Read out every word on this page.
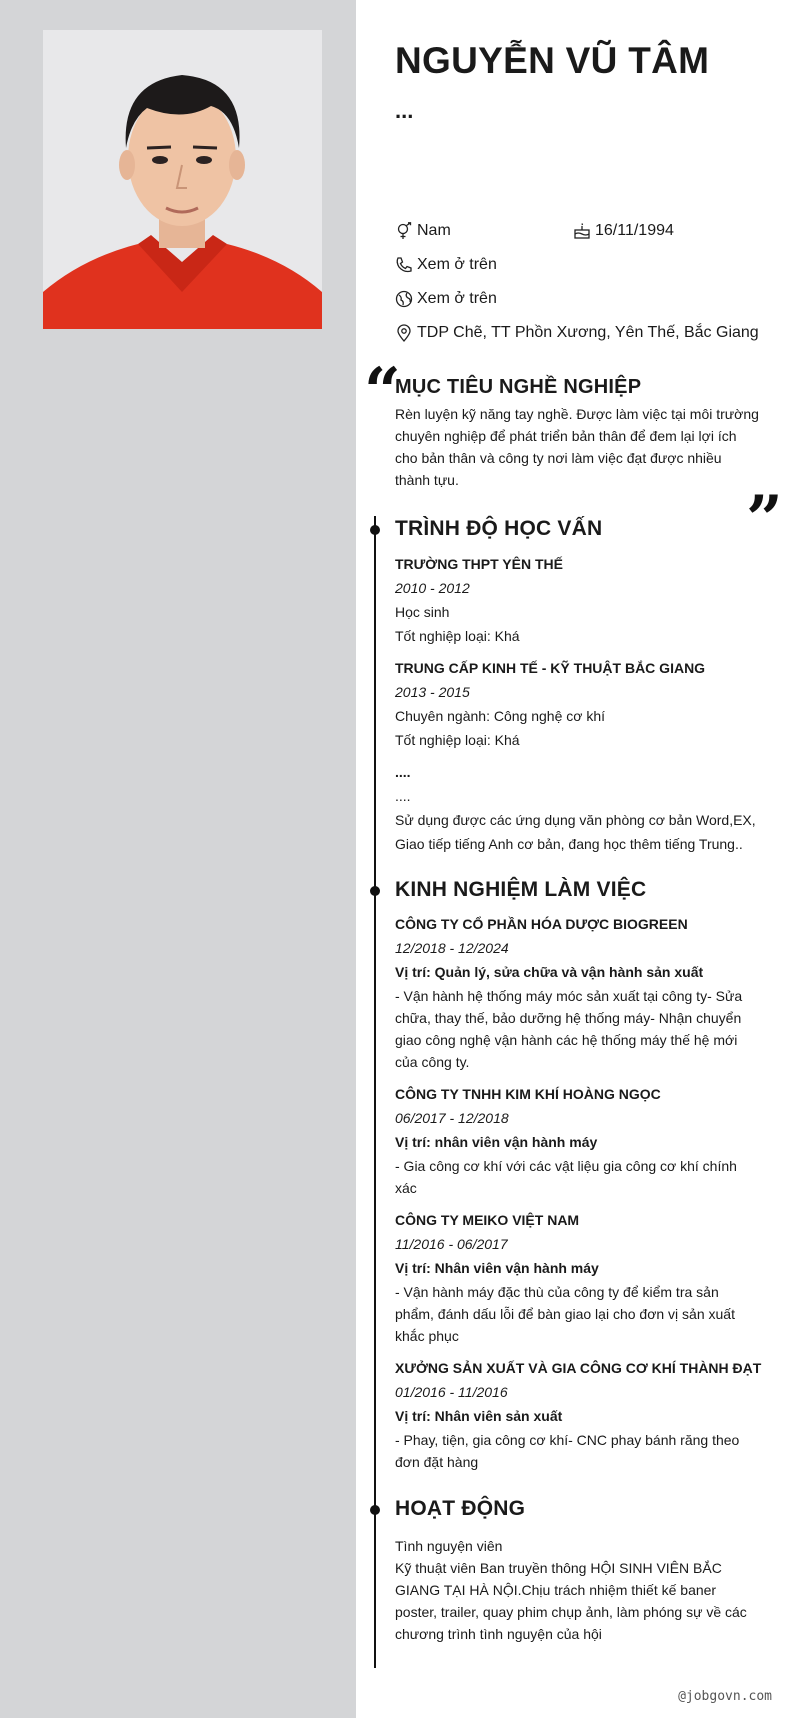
NGUYỄN VŨ TÂM
...
Nam	16/11/1994
Xem ở trên
Xem ở trên
TDP Chẽ, TT Phồn Xương, Yên Thế, Bắc Giang
“
MỤC TIÊU NGHỀ NGHIỆP

Rèn luyện kỹ năng tay nghề. Được làm việc tại môi trường

chuyên nghiệp để phát triển bản thân để đem lại lợi ích

cho bản thân và công ty nơi làm việc đạt được nhiều

thành tựu.

”
TRÌNH ĐỘ HỌC VẤN

TRƯỜNG THPT YÊN THẾ

2010 - 2012

Học sinh

Tốt nghiệp loại: Khá

TRUNG CẤP KINH TẾ - KỸ THUẬT BẮC GIANG

2013 - 2015

Chuyên ngành: Công nghệ cơ khí

Tốt nghiệp loại: Khá

....

....

Sử dụng được các ứng dụng văn phòng cơ bản Word,EX,

Giao tiếp tiếng Anh cơ bản, đang học thêm tiếng Trung..

KINH NGHIỆM LÀM VIỆC

CÔNG TY CỔ PHẦN HÓA DƯỢC BIOGREEN

12/2018 - 12/2024

Vị trí: Quản lý, sửa chữa và vận hành sản xuất

- Vận hành hệ thống máy móc sản xuất tại công ty- Sửa

chữa, thay thế, bảo dưỡng hệ thống máy- Nhận chuyển

giao công nghệ vận hành các hệ thống máy thế hệ mới

của công ty.

CÔNG TY TNHH KIM KHÍ HOÀNG NGỌC

06/2017 - 12/2018

Vị trí: nhân viên vận hành máy

- Gia công cơ khí với các vật liệu gia công cơ khí chính

xác

CÔNG TY MEIKO VIỆT NAM

11/2016 - 06/2017

Vị trí: Nhân viên vận hành máy

- Vận hành máy đặc thù của công ty để kiểm tra sản

phẩm, đánh dấu lỗi để bàn giao lại cho đơn vị sản xuất

khắc phục

XƯỞNG SẢN XUẤT VÀ GIA CÔNG CƠ KHÍ THÀNH ĐẠT

01/2016 - 11/2016

Vị trí: Nhân viên sản xuất

- Phay, tiện, gia công cơ khí- CNC phay bánh răng theo

đơn đặt hàng

HOẠT ĐỘNG

Tình nguyện viên

Kỹ thuật viên Ban truyền thông HỘI SINH VIÊN BẮC

GIANG TẠI HÀ NỘI.Chịu trách nhiệm thiết kế baner

poster, trailer, quay phim chụp ảnh, làm phóng sự về các

chương trình tình nguyện của hội

@jobgovn.com
